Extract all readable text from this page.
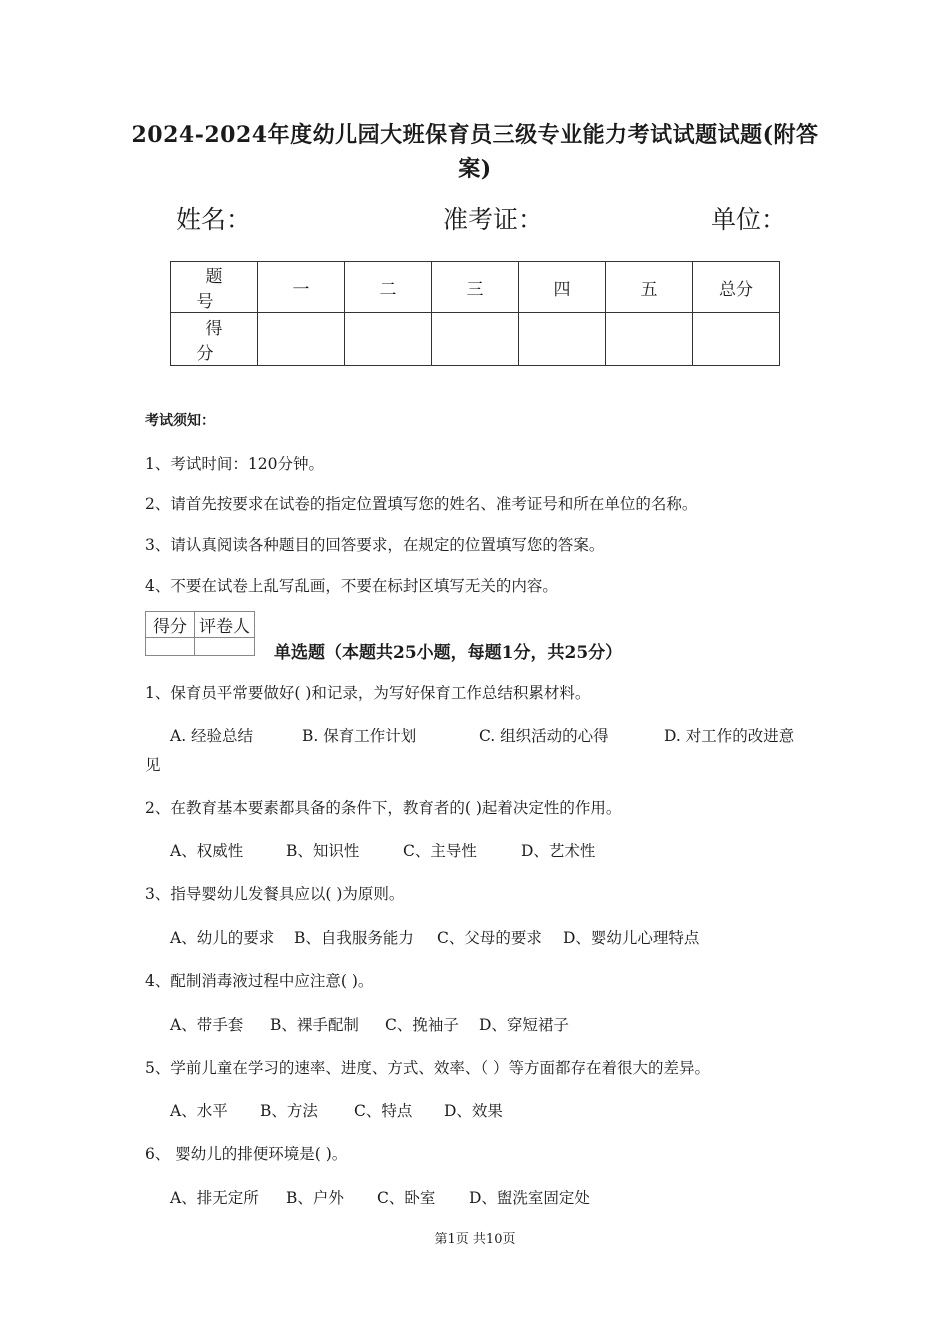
2024-2024年度幼儿园大班保育员三级专业能力考试试题试题(附答
案)
姓名：	准考证：	单位：
题 号	一	二	三	四	五	总分
得 分						
考试须知：
1、考试时间：120分钟。
2、请首先按要求在试卷的指定位置填写您的姓名、准考证号和所在单位的名称。
3、请认真阅读各种题目的回答要求，在规定的位置填写您的答案。
4、不要在试卷上乱写乱画，不要在标封区填写无关的内容。
得分	评卷人

单选题（本题共25小题，每题1分，共25分）
1、保育员平常要做好( )和记录，为写好保育工作总结积累材料。
A. 经验总结	B. 保育工作计划	C. 组织活动的心得	D. 对工作的改进意
见
2、在教育基本要素都具备的条件下，教育者的( )起着决定性的作用。
A、权威性	B、知识性	C、主导性	D、艺术性
3、指导婴幼儿发餐具应以( )为原则。
A、幼儿的要求 B、自我服务能力 C、父母的要求 D、婴幼儿心理特点
4、配制消毒液过程中应注意( )。
A、带手套 B、裸手配制 C、挽袖子 D、穿短裙子
5、学前儿童在学习的速率、进度、方式、效率、（ ）等方面都存在着很大的差异。
A、水平 B、方法 C、特点 D、效果
6、 婴幼儿的排便环境是( )。
A、排无定所 B、户外 C、卧室 D、盥洗室固定处
第1页 共10页
